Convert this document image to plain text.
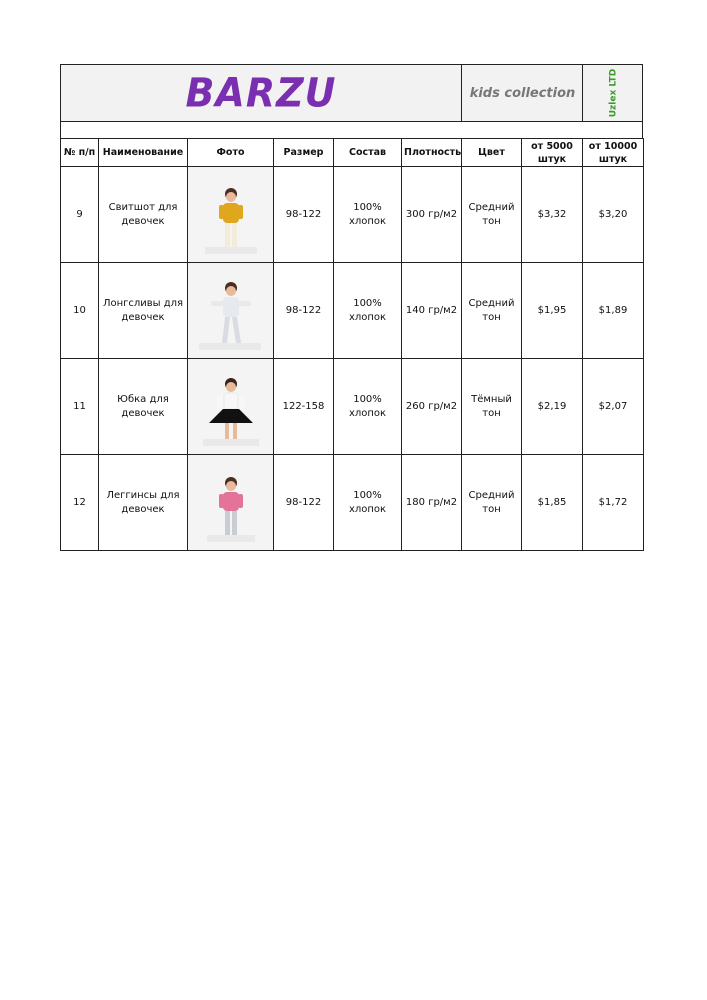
BARZU	kids collection	Uzlex LTD
№ п/п	Наименование	Фото	Размер	Состав	Плотность	Цвет	от 5000 штук	от 10000 штук
9	Свитшот для девочек		98-122	100% хлопок	300 гр/м2	Средний тон	$3,32	$3,20
10	Лонгсливы для девочек		98-122	100% хлопок	140 гр/м2	Средний тон	$1,95	$1,89
11	Юбка для девочек		122-158	100% хлопок	260 гр/м2	Тёмный тон	$2,19	$2,07
12	Леггинсы для девочек		98-122	100% хлопок	180 гр/м2	Средний тон	$1,85	$1,72
